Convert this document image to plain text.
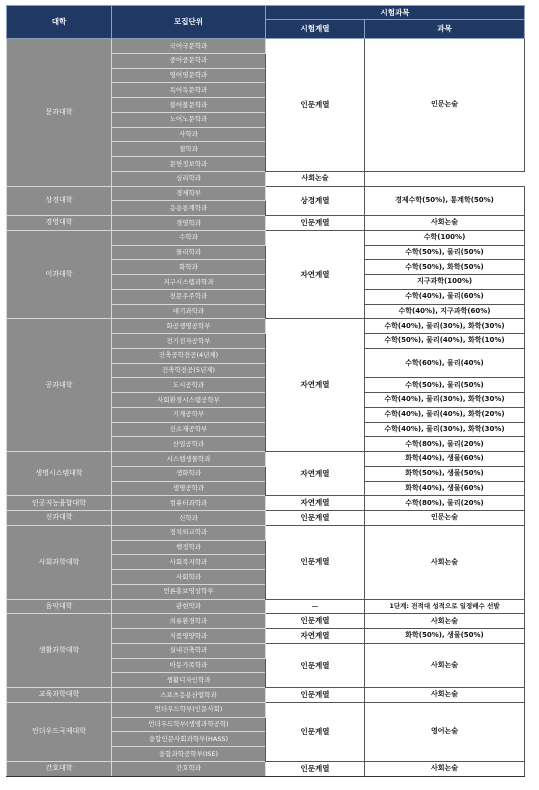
대학	모집단위	시험과목	
		시험계열	과목
문과대학	국어국문학과	인문계열	인문논술
	중어중문학과		
	영어영문학과		
	독어독문학과		
	불어불문학과		
	노어노문학과		
	사학과		
	철학과		
	문헌정보학과		
	심리학과	사회논술	
상경대학	경제학부	상경계열	경제수학(50%), 통계학(50%)
	응용통계학과		
경영대학	경영학과	인문계열	사회논술
이과대학	수학과	자연계열	수학(100%)
	물리학과		수학(50%), 물리(50%)
	화학과		수학(50%), 화학(50%)
	지구시스템과학과		지구과학(100%)
	천문우주학과		수학(40%), 물리(60%)
	대기과학과		수학(40%), 지구과학(60%)
공과대학	화공생명공학부	자연계열	수학(40%), 물리(30%), 화학(30%)
	전기전자공학부		수학(50%), 물리(40%), 화학(10%)
	건축공학전공(4년제)		수학(60%), 물리(40%)
	건축학전공(5년제)		
	도시공학과		수학(50%), 물리(50%)
	사회환경시스템공학부		수학(40%), 물리(30%), 화학(30%)
	기계공학부		수학(40%), 물리(40%), 화학(20%)
	신소재공학부		수학(40%), 물리(30%), 화학(30%)
	산업공학과		수학(80%), 물리(20%)
생명시스템대학	시스템생물학과	자연계열	화학(40%), 생물(60%)
	생화학과		화학(50%), 생물(50%)
	생명공학과		화학(40%), 생물(60%)
인공지능융합대학	컴퓨터과학과	자연계열	수학(80%), 물리(20%)
신과대학	신학과	인문계열	인문논술
사회과학대학	정치외교학과	인문계열	사회논술
	행정학과		
	사회복지학과		
	사회학과		
	언론홍보영상학부		
음악대학	관현악과	－	1단계: 전적대 성적으로 일정배수 선발
생활과학대학	의류환경학과	인문계열	사회논술
	식품영양학과	자연계열	화학(50%), 생물(50%)
	실내건축학과	인문계열	사회논술
	아동가족학과		
	생활디자인학과		
교육과학대학	스포츠응용산업학과	인문계열	사회논술
언더우드국제대학	언더우드학부(인문사회)	인문계열	영어논술
	언더우드학부(생명과학공학)		
	융합인문사회과학부(HASS)		
	융합과학공학부(ISE)		
간호대학	간호학과	인문계열	사회논술
